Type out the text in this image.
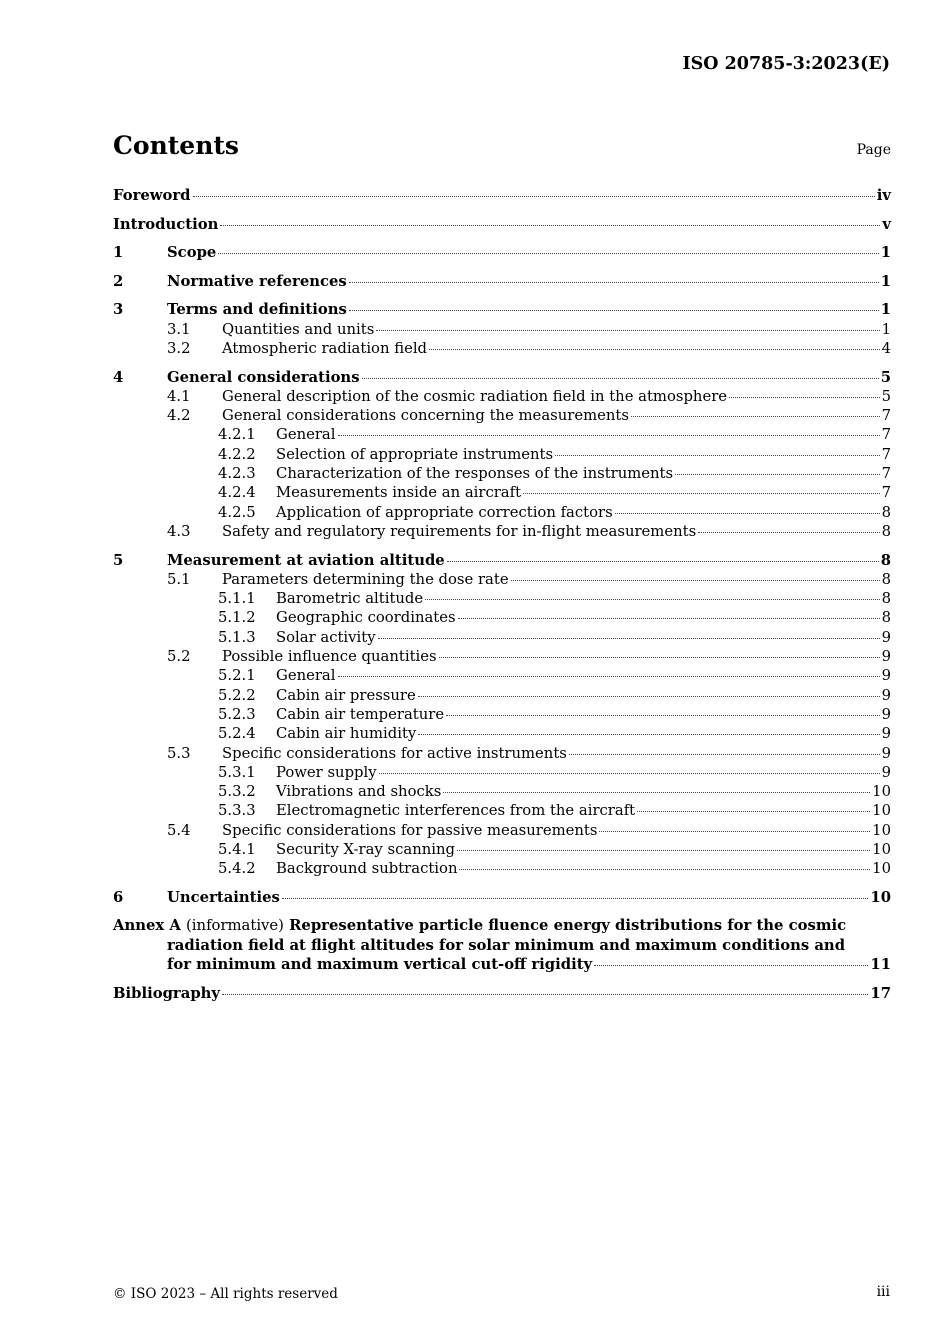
ISO 20785-3:2023(E)
Contents	Page
Foreword	iv
Introduction	v
1	Scope	1
2	Normative references	1
3	Terms and definitions	1
3.1	Quantities and units	1
3.2	Atmospheric radiation field	4
4	General considerations	5
4.1	General description of the cosmic radiation field in the atmosphere	5
4.2	General considerations concerning the measurements	7
4.2.1	General	7
4.2.2	Selection of appropriate instruments	7
4.2.3	Characterization of the responses of the instruments	7
4.2.4	Measurements inside an aircraft	7
4.2.5	Application of appropriate correction factors	8
4.3	Safety and regulatory requirements for in-flight measurements	8
5	Measurement at aviation altitude	8
5.1	Parameters determining the dose rate	8
5.1.1	Barometric altitude	8
5.1.2	Geographic coordinates	8
5.1.3	Solar activity	9
5.2	Possible influence quantities	9
5.2.1	General	9
5.2.2	Cabin air pressure	9
5.2.3	Cabin air temperature	9
5.2.4	Cabin air humidity	9
5.3	Specific considerations for active instruments	9
5.3.1	Power supply	9
5.3.2	Vibrations and shocks	10
5.3.3	Electromagnetic interferences from the aircraft	10
5.4	Specific considerations for passive measurements	10
5.4.1	Security X-ray scanning	10
5.4.2	Background subtraction	10
6	Uncertainties	10
Annex A (informative) Representative particle fluence energy distributions for the cosmic
radiation field at flight altitudes for solar minimum and maximum conditions and
for minimum and maximum vertical cut-off rigidity	11
Bibliography	17
© ISO 2023 – All rights reserved	iii
